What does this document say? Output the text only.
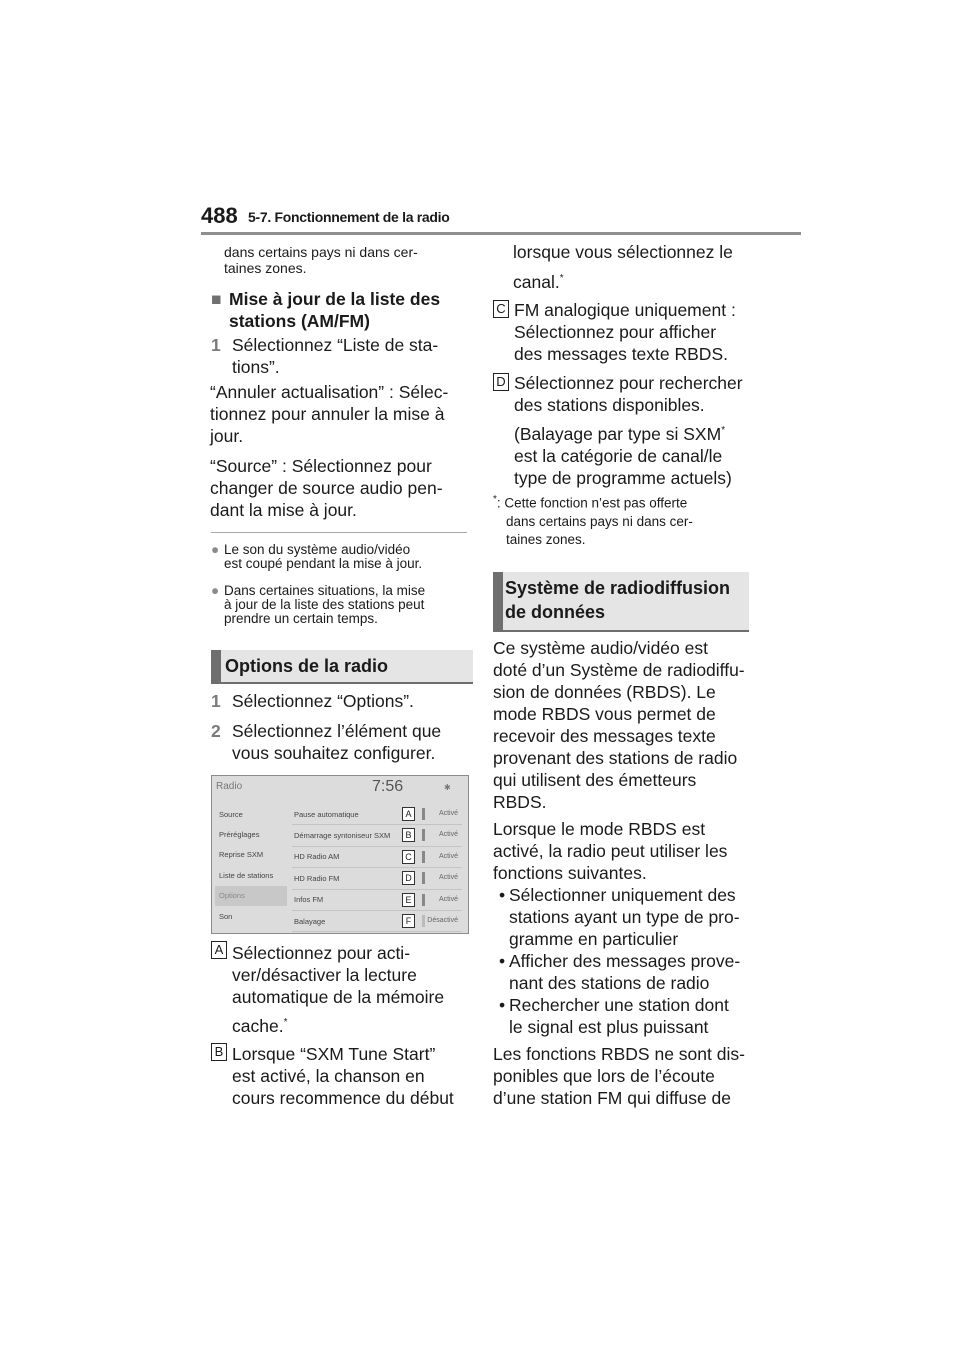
488 5-7. Fonctionnement de la radio
dans certains pays ni dans cer-
taines zones.
■ Mise à jour de la liste des
stations (AM/FM)
1 Sélectionnez “Liste de sta-
tions”.
“Annuler actualisation” : Sélec-
tionnez pour annuler la mise à
jour.
“Source” : Sélectionnez pour
changer de source audio pen-
dant la mise à jour.
● Le son du système audio/vidéo
est coupé pendant la mise à jour.
● Dans certaines situations, la mise
à jour de la liste des stations peut
prendre un certain temps.
Options de la radio
1 Sélectionnez “Options”.
2 Sélectionnez l’élément que
vous souhaitez configurer.
Radio	7:56	✱
Source
Préréglages
Reprise SXM
Liste de stations
Options
Son
Pause automatique	A	Activé
Démarrage syntoniseur SXM	B	Activé
HD Radio AM	C	Activé
HD Radio FM	D	Activé
Infos FM	E	Activé
Balayage	F	Désactivé
A Sélectionnez pour acti-
ver/désactiver la lecture
automatique de la mémoire
cache.*
B Lorsque “SXM Tune Start”
est activé, la chanson en
cours recommence du début
lorsque vous sélectionnez le
canal.*
C FM analogique uniquement :
Sélectionnez pour afficher
des messages texte RBDS.
D Sélectionnez pour rechercher
des stations disponibles.
(Balayage par type si SXM*
est la catégorie de canal/le
type de programme actuels)
*: Cette fonction n’est pas offerte
dans certains pays ni dans cer-
taines zones.
Système de radiodiffusion
de données
Ce système audio/vidéo est
doté d’un Système de radiodiffu-
sion de données (RBDS). Le
mode RBDS vous permet de
recevoir des messages texte
provenant des stations de radio
qui utilisent des émetteurs
RBDS.
Lorsque le mode RBDS est
activé, la radio peut utiliser les
fonctions suivantes.
• Sélectionner uniquement des
stations ayant un type de pro-
gramme en particulier
• Afficher des messages prove-
nant des stations de radio
• Rechercher une station dont
le signal est plus puissant
Les fonctions RBDS ne sont dis-
ponibles que lors de l’écoute
d’une station FM qui diffuse de
